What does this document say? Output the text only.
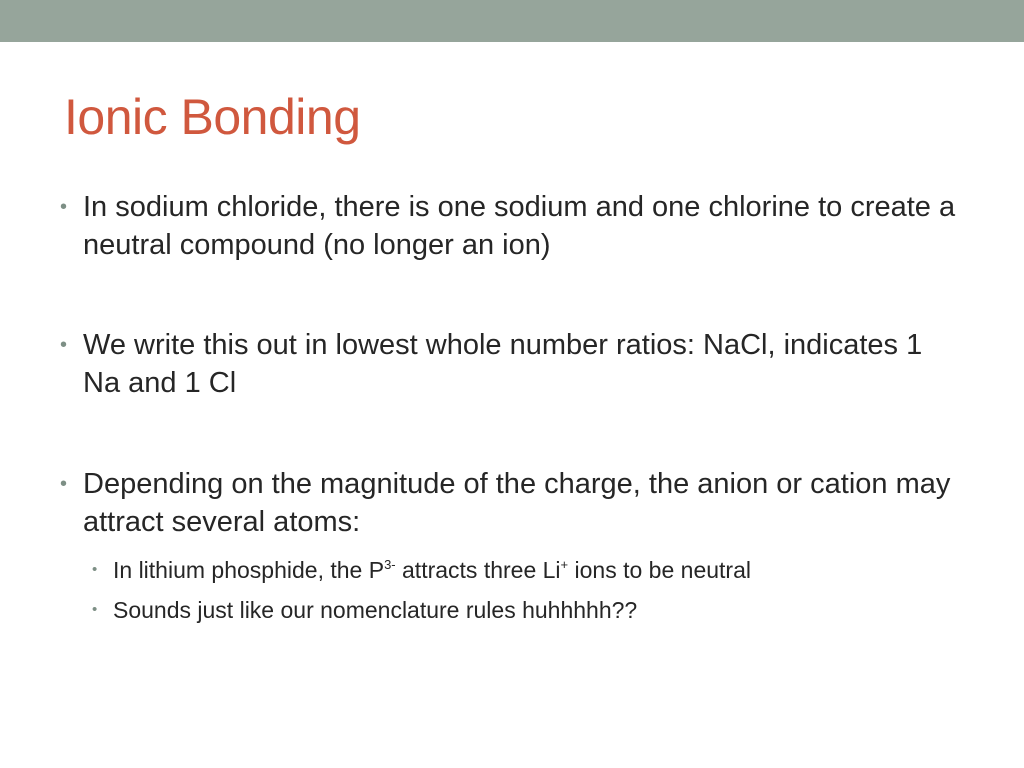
Ionic Bonding
• In sodium chloride, there is one sodium and one chlorine to create a neutral compound (no longer an ion)
• We write this out in lowest whole number ratios: NaCl, indicates 1 Na and 1 Cl
• Depending on the magnitude of the charge, the anion or cation may attract several atoms:
• In lithium phosphide, the $P^{3-}$ attracts three Li+ ions to be neutral
• Sounds just like our nomenclature rules huhhhhh??
